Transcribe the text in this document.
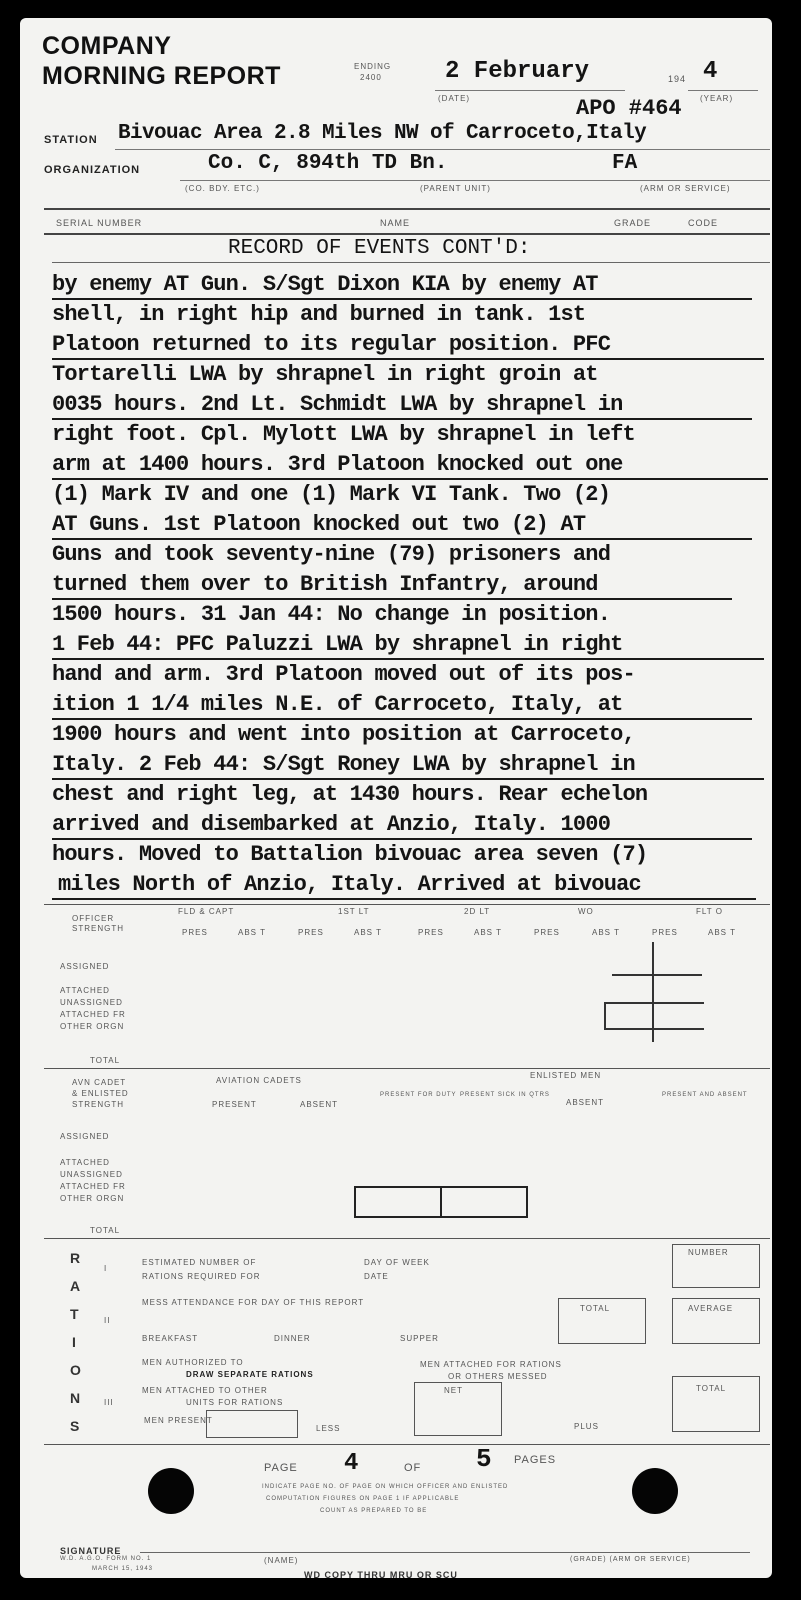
COMPANY
MORNING REPORT	ENDING
2400	2 February
(DATE)
194 4
(YEAR)
APO #464
STATION Bivouac Area 2.8 Miles NW of Carroceto,Italy
ORGANIZATION	Co. C, 894th TD Bn.	FA
(CO. BDY. ETC.)	(PARENT UNIT)	(ARM OR SERVICE)
SERIAL NUMBER	NAME	GRADE	CODE
RECORD OF EVENTS CONT'D:
by enemy AT Gun. S/Sgt Dixon KIA by enemy AT
shell, in right hip and burned in tank. 1st
Platoon returned to its regular position. PFC
Tortarelli LWA by shrapnel in right groin at
0035 hours. 2nd Lt. Schmidt LWA by shrapnel in
right foot. Cpl. Mylott LWA by shrapnel in left
arm at 1400 hours. 3rd Platoon knocked out one
(1) Mark IV and one (1) Mark VI Tank. Two (2)
AT Guns. 1st Platoon knocked out two (2) AT
Guns and took seventy-nine (79) prisoners and
turned them over to British Infantry, around
1500 hours. 31 Jan 44: No change in position.
1 Feb 44: PFC Paluzzi LWA by shrapnel in right
hand and arm. 3rd Platoon moved out of its pos-
ition 1 1/4 miles N.E. of Carroceto, Italy, at
1900 hours and went into position at Carroceto,
Italy. 2 Feb 44: S/Sgt Roney LWA by shrapnel in
chest and right leg, at 1430 hours. Rear echelon
arrived and disembarked at Anzio, Italy. 1000
hours. Moved to Battalion bivouac area seven (7)
miles North of Anzio, Italy. Arrived at bivouac
OFFICER
STRENGTH
FLD & CAPT	1ST LT	2D LT	WO	FLT O
PRES	ABS T	PRES	ABS T	PRES	ABS T	PRES	ABS T	PRES	ABS T
ASSIGNED
ATTACHED
UNASSIGNED
ATTACHED FR
OTHER ORGN
TOTAL
AVN CADET
& ENLISTED
STRENGTH
AVIATION CADETS
ENLISTED MEN
PRESENT	ABSENT
PRESENT FOR DUTY PRESENT SICK IN QTRS
ABSENT
PRESENT AND ABSENT
ASSIGNED
ATTACHED
UNASSIGNED
ATTACHED FR
OTHER ORGN
TOTAL
R
A
T
I
O
N
S
I
II
III
ESTIMATED NUMBER OF
RATIONS REQUIRED FOR
DAY OF WEEK
DATE
NUMBER
MESS ATTENDANCE FOR DAY OF THIS REPORT
TOTAL	AVERAGE
BREAKFAST	DINNER	SUPPER
MEN AUTHORIZED TO
DRAW SEPARATE RATIONS
MEN ATTACHED FOR RATIONS
OR OTHERS MESSED
MEN ATTACHED TO OTHER
UNITS FOR RATIONS
NET	TOTAL
MEN PRESENT
LESS	PLUS
PAGE 4	OF 5 PAGES
INDICATE PAGE NO. OF PAGE ON WHICH OFFICER AND ENLISTED
COMPUTATION FIGURES ON PAGE 1 IF APPLICABLE
COUNT AS PREPARED TO BE
SIGNATURE
W.D. A.G.O. FORM NO. 1
MARCH 15, 1943
(NAME)	(GRADE) (ARM OR SERVICE)
WD COPY THRU MRU OR SCU
